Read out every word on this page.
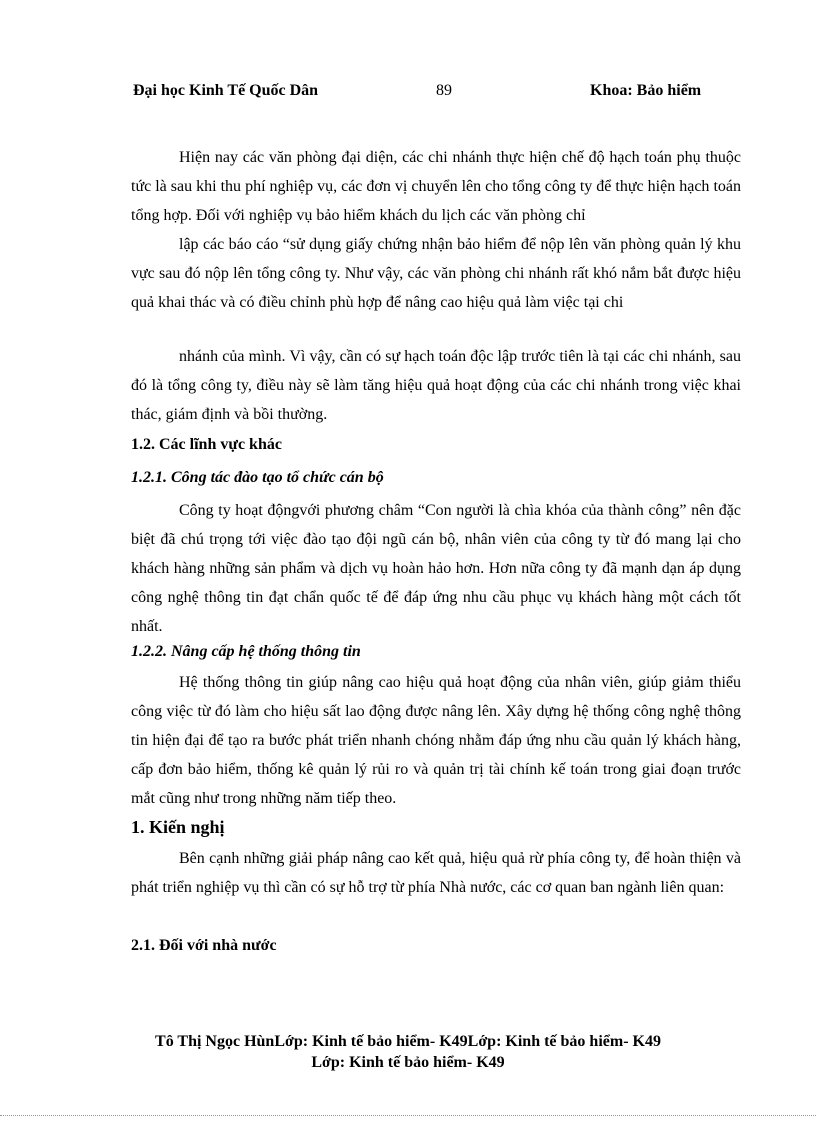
Đại học Kinh Tế Quốc Dân	89	Khoa: Bảo hiểm
Hiện nay các văn phòng đại diện, các chi nhánh thực hiện chế độ hạch toán phụ thuộc tức là sau khi thu phí nghiệp vụ, các đơn vị chuyển lên cho tổng công ty để thực hiện hạch toán tổng hợp. Đối với nghiệp vụ bảo hiểm khách du lịch các văn phòng chỉ
lập các báo cáo “sử dụng giấy chứng nhận bảo hiểm để nộp lên văn phòng quản lý khu vực sau đó nộp lên tổng công ty. Như vậy, các văn phòng chi nhánh rất khó nắm bắt được hiệu quả khai thác và có điều chỉnh phù hợp để nâng cao hiệu quả làm việc tại chi
nhánh của mình. Vì vậy, cần có sự hạch toán độc lập trước tiên là tại các chi nhánh, sau đó là tổng công ty, điều này sẽ làm tăng hiệu quả hoạt động của các chi nhánh trong việc khai thác, giám định và bồi thường.
1.2. Các lĩnh vực khác
1.2.1. Công tác đào tạo tổ chức cán bộ
Công ty hoạt độngvới phương châm “Con người là chìa khóa của thành công” nên đặc biệt đã chú trọng tới việc đào tạo đội ngũ cán bộ, nhân viên của công ty từ đó mang lại cho khách hàng những sản phẩm và dịch vụ hoàn hảo hơn. Hơn nữa công ty đã mạnh dạn áp dụng công nghệ thông tin đạt chẩn quốc tế để đáp ứng nhu cầu phục vụ khách hàng một cách tốt nhất.
1.2.2. Nâng cấp hệ thống thông tin
Hệ thống thông tin giúp nâng cao hiệu quả hoạt động của nhân viên, giúp giảm thiểu công việc từ đó làm cho hiệu sất lao động được nâng lên. Xây dựng hệ thống công nghệ thông tin hiện đại để tạo ra bước phát triển nhanh chóng nhằm đáp ứng nhu cầu quản lý khách hàng, cấp đơn bảo hiểm, thống kê quản lý rủi ro và quản trị tài chính kế toán trong giai đoạn trước mắt cũng như trong những năm tiếp theo.
1. Kiến nghị
Bên cạnh những giải pháp nâng cao kết quả, hiệu quả rừ phía công ty, để hoàn thiện và phát triển nghiệp vụ thì cần có sự hỗ trợ từ phía Nhà nước, các cơ quan ban ngành liên quan:
2.1. Đối với nhà nước
Tô Thị Ngọc HùnLớp: Kinh tế bảo hiểm- K49Lớp: Kinh tế bảo hiểm- K49
Lớp: Kinh tế bảo hiểm- K49
